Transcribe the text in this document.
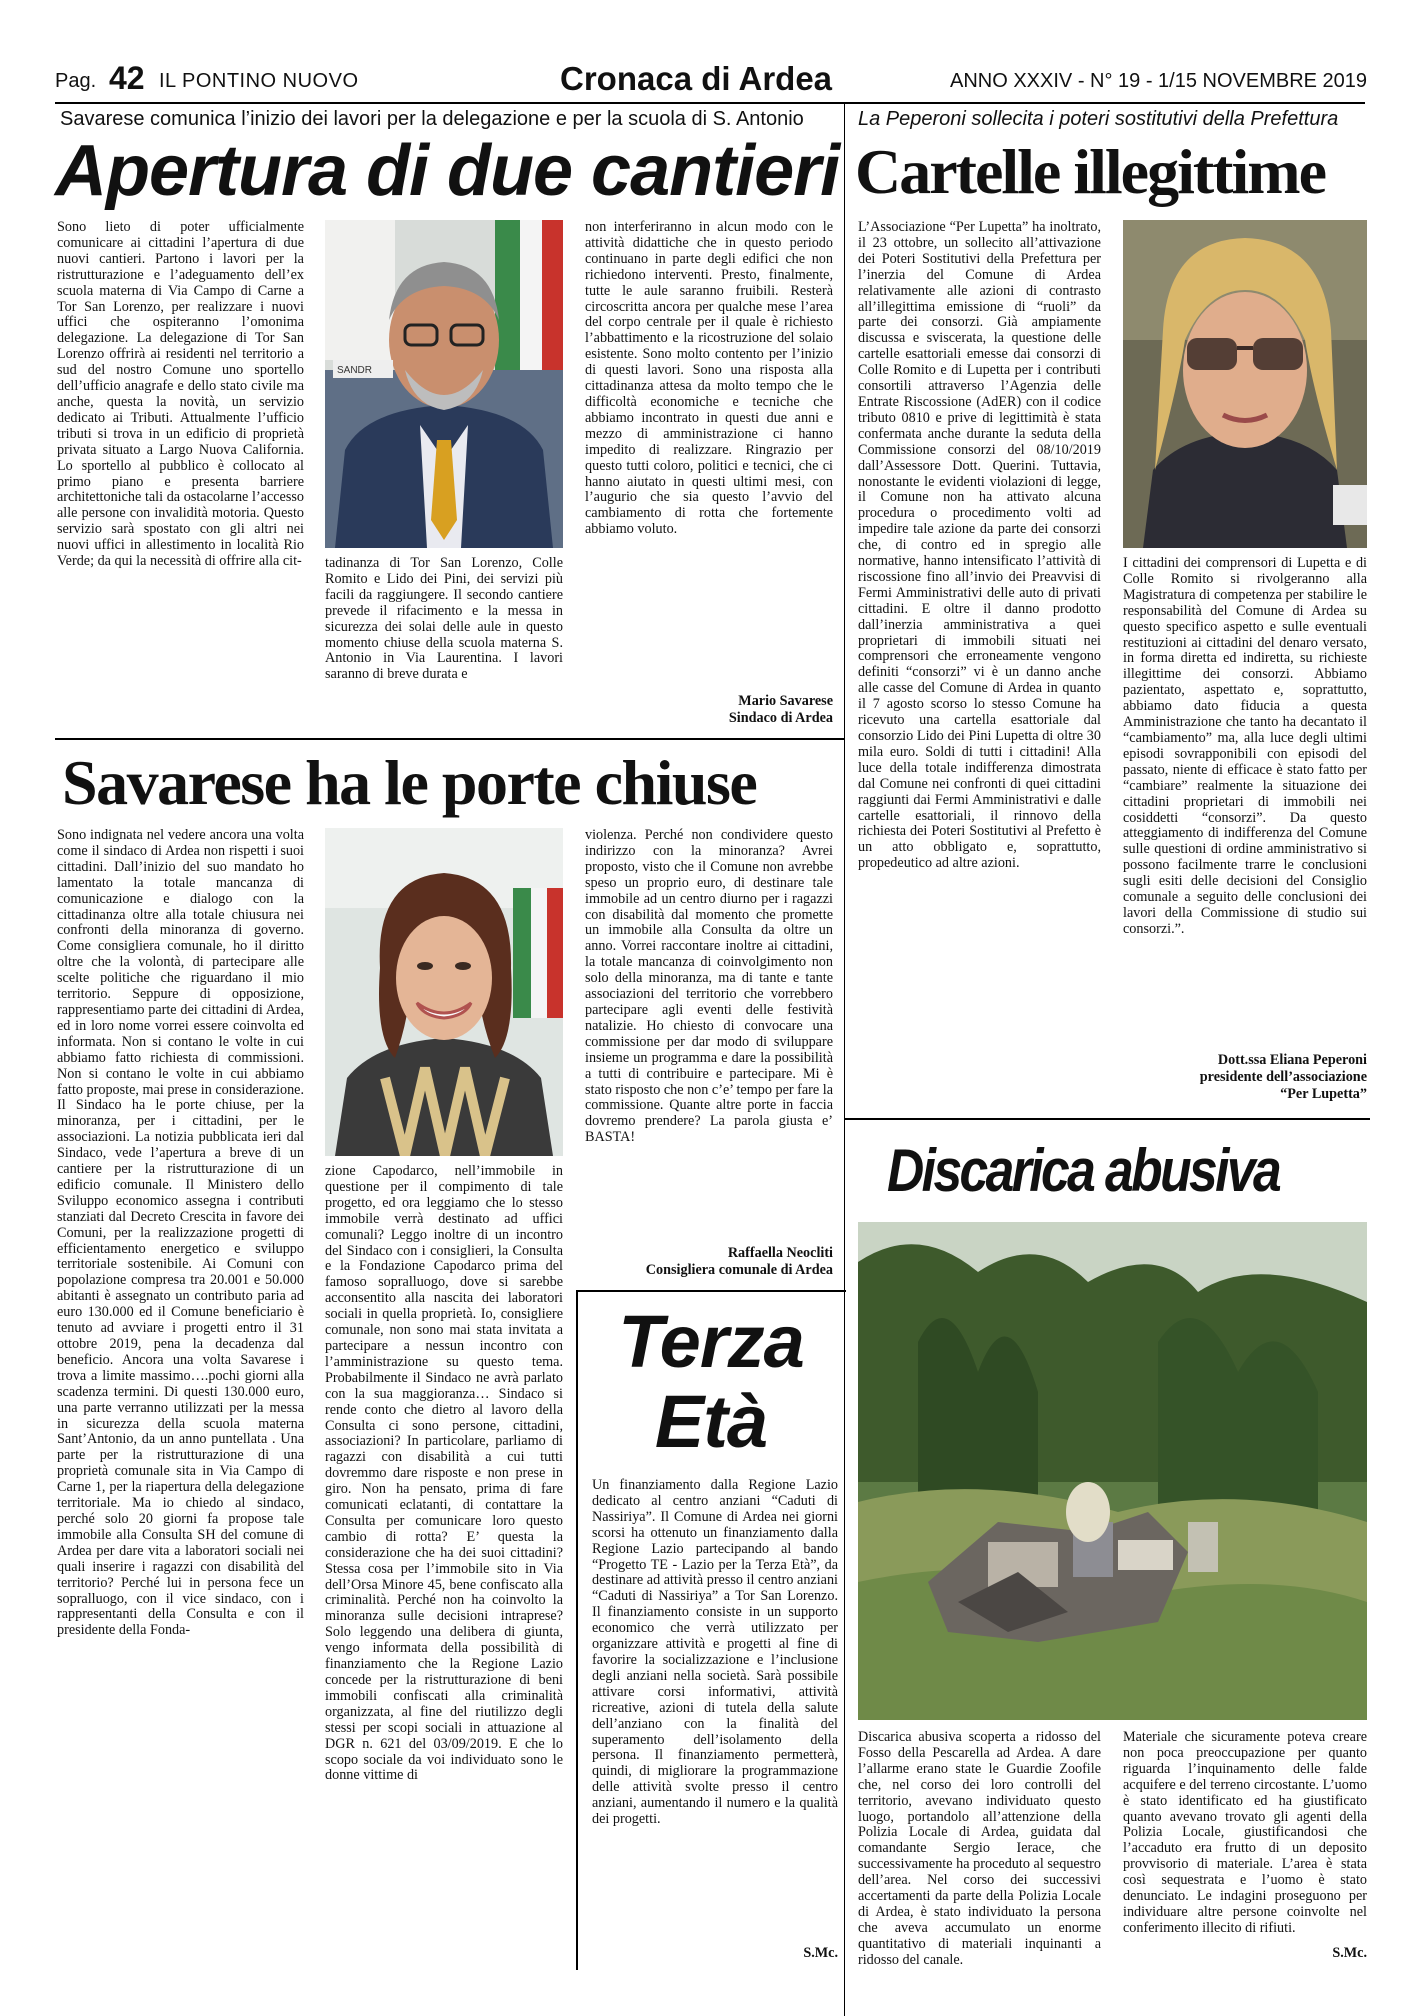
Pag. 42 IL PONTINO NUOVO	Cronaca di Ardea	ANNO XXXIV - N° 19 - 1/15 NOVEMBRE 2019
Savarese comunica l’inizio dei lavori per la delegazione e per la scuola di S. Antonio
Apertura di due cantieri
Sono lieto di poter ufficialmente comunicare ai cittadini l’apertura di due nuovi cantieri. Partono i lavori per la ristrutturazione e l’adeguamento dell’ex scuola materna di Via Campo di Carne a Tor San Lorenzo, per realizzare i nuovi uffici che ospiteranno l’omonima delegazione. La delegazione di Tor San Lorenzo offrirà ai residenti nel territorio a sud del nostro Comune uno sportello dell’ufficio anagrafe e dello stato civile ma anche, questa la novità, un servizio dedicato ai Tributi. Attualmente l’ufficio tributi si trova in un edificio di proprietà privata situato a Largo Nuova California. Lo sportello al pubblico è collocato al primo piano e presenta barriere architettoniche tali da ostacolarne l’accesso alle persone con invalidità motoria. Questo servizio sarà spostato con gli altri nei nuovi uffici in allestimento in località Rio Verde; da qui la necessità di offrire alla cit-
SANDR
tadinanza di Tor San Lorenzo, Colle Romito e Lido dei Pini, dei servizi più facili da raggiungere. Il secondo cantiere prevede il rifacimento e la messa in sicurezza dei solai delle aule in questo momento chiuse della scuola materna S. Antonio in Via Laurentina. I lavori saranno di breve durata e
non interferiranno in alcun modo con le attività didattiche che in questo periodo continuano in parte degli edifici che non richiedono interventi. Presto, finalmente, tutte le aule saranno fruibili. Resterà circoscritta ancora per qualche mese l’area del corpo centrale per il quale è richiesto l’abbattimento e la ricostruzione del solaio esistente. Sono molto contento per l’inizio di questi lavori. Sono una risposta alla cittadinanza attesa da molto tempo che le difficoltà economiche e tecniche che abbiamo incontrato in questi due anni e mezzo di amministrazione ci hanno impedito di realizzare. Ringrazio per questo tutti coloro, politici e tecnici, che ci hanno aiutato in questi ultimi mesi, con l’augurio che sia questo l’avvio del cambiamento di rotta che fortemente abbiamo voluto.
Mario Savarese
Sindaco di Ardea
La Peperoni sollecita i poteri sostitutivi della Prefettura
Cartelle illegittime
L’Associazione “Per Lupetta” ha inoltrato, il 23 ottobre, un sollecito all’attivazione dei Poteri Sostitutivi della Prefettura per l’inerzia del Comune di Ardea relativamente alle azioni di contrasto all’illegittima emissione di “ruoli” da parte dei consorzi. Già ampiamente discussa e sviscerata, la questione delle cartelle esattoriali emesse dai consorzi di Colle Romito e di Lupetta per i contributi consortili attraverso l’Agenzia delle Entrate Riscossione (AdER) con il codice tributo 0810 e prive di legittimità è stata confermata anche durante la seduta della Commissione consorzi del 08/10/2019 dall’Assessore Dott. Querini. Tuttavia, nonostante le evidenti violazioni di legge, il Comune non ha attivato alcuna procedura o procedimento volti ad impedire tale azione da parte dei consorzi che, di contro ed in spregio alle normative, hanno intensificato l’attività di riscossione fino all’invio dei Preavvisi di Fermi Amministrativi delle auto di privati cittadini. E oltre il danno prodotto dall’inerzia amministrativa a quei proprietari di immobili situati nei comprensori che erroneamente vengono definiti “consorzi” vi è un danno anche alle casse del Comune di Ardea in quanto il 7 agosto scorso lo stesso Comune ha ricevuto una cartella esattoriale dal consorzio Lido dei Pini Lupetta di oltre 30 mila euro. Soldi di tutti i cittadini! Alla luce della totale indifferenza dimostrata dal Comune nei confronti di quei cittadini raggiunti dai Fermi Amministrativi e dalle cartelle esattoriali, il rinnovo della richiesta dei Poteri Sostitutivi al Prefetto è un atto obbligato e, soprattutto, propedeutico ad altre azioni.
I cittadini dei comprensori di Lupetta e di Colle Romito si rivolgeranno alla Magistratura di competenza per stabilire le responsabilità del Comune di Ardea su questo specifico aspetto e sulle eventuali restituzioni ai cittadini del denaro versato, in forma diretta ed indiretta, su richieste illegittime dei consorzi. Abbiamo pazientato, aspettato e, soprattutto, abbiamo dato fiducia a questa Amministrazione che tanto ha decantato il “cambiamento” ma, alla luce degli ultimi episodi sovrapponibili con episodi del passato, niente di efficace è stato fatto per “cambiare” realmente la situazione dei cittadini proprietari di immobili nei cosiddetti “consorzi”. Da questo atteggiamento di indifferenza del Comune sulle questioni di ordine amministrativo si possono facilmente trarre le conclusioni sugli esiti delle decisioni del Consiglio comunale a seguito delle conclusioni dei lavori della Commissione di studio sui consorzi.”.
Dott.ssa Eliana Peperoni
presidente dell’associazione
“Per Lupetta”
Savarese ha le porte chiuse
Sono indignata nel vedere ancora una volta come il sindaco di Ardea non rispetti i suoi cittadini. Dall’inizio del suo mandato ho lamentato la totale mancanza di comunicazione e dialogo con la cittadinanza oltre alla totale chiusura nei confronti della minoranza di governo. Come consigliera comunale, ho il diritto oltre che la volontà, di partecipare alle scelte politiche che riguardano il mio territorio. Seppure di opposizione, rappresentiamo parte dei cittadini di Ardea, ed in loro nome vorrei essere coinvolta ed informata. Non si contano le volte in cui abbiamo fatto richiesta di commissioni. Non si contano le volte in cui abbiamo fatto proposte, mai prese in considerazione. Il Sindaco ha le porte chiuse, per la minoranza, per i cittadini, per le associazioni. La notizia pubblicata ieri dal Sindaco, vede l’apertura a breve di un cantiere per la ristrutturazione di un edificio comunale. Il Ministero dello Sviluppo economico assegna i contributi stanziati dal Decreto Crescita in favore dei Comuni, per la realizzazione progetti di efficientamento energetico e sviluppo territoriale sostenibile. Ai Comuni con popolazione compresa tra 20.001 e 50.000 abitanti è assegnato un contributo paria ad euro 130.000 ed il Comune beneficiario è tenuto ad avviare i progetti entro il 31 ottobre 2019, pena la decadenza dal beneficio. Ancora una volta Savarese i trova a limite massimo….pochi giorni alla scadenza termini. Di questi 130.000 euro, una parte verranno utilizzati per la messa in sicurezza della scuola materna Sant’Antonio, da un anno puntellata . Una parte per la ristrutturazione di una proprietà comunale sita in Via Campo di Carne 1, per la riapertura della delegazione territoriale. Ma io chiedo al sindaco, perché solo 20 giorni fa propose tale immobile alla Consulta SH del comune di Ardea per dare vita a laboratori sociali nei quali inserire i ragazzi con disabilità del territorio? Perché lui in persona fece un sopralluogo, con il vice sindaco, con i rappresentanti della Consulta e con il presidente della Fonda-
zione Capodarco, nell’immobile in questione per il compimento di tale progetto, ed ora leggiamo che lo stesso immobile verrà destinato ad uffici comunali? Leggo inoltre di un incontro del Sindaco con i consiglieri, la Consulta e la Fondazione Capodarco prima del famoso sopralluogo, dove si sarebbe acconsentito alla nascita dei laboratori sociali in quella proprietà. Io, consigliere comunale, non sono mai stata invitata a partecipare a nessun incontro con l’amministrazione su questo tema. Probabilmente il Sindaco ne avrà parlato con la sua maggioranza… Sindaco si rende conto che dietro al lavoro della Consulta ci sono persone, cittadini, associazioni? In particolare, parliamo di ragazzi con disabilità a cui tutti dovremmo dare risposte e non prese in giro. Non ha pensato, prima di fare comunicati eclatanti, di contattare la Consulta per comunicare loro questo cambio di rotta? E’ questa la considerazione che ha dei suoi cittadini? Stessa cosa per l’immobile sito in Via dell’Orsa Minore 45, bene confiscato alla criminalità. Perché non ha coinvolto la minoranza sulle decisioni intraprese? Solo leggendo una delibera di giunta, vengo informata della possibilità di finanziamento che la Regione Lazio concede per la ristrutturazione di beni immobili confiscati alla criminalità organizzata, al fine del riutilizzo degli stessi per scopi sociali in attuazione al DGR n. 621 del 03/09/2019. E che lo scopo sociale da voi individuato sono le donne vittime di
violenza. Perché non condividere questo indirizzo con la minoranza? Avrei proposto, visto che il Comune non avrebbe speso un proprio euro, di destinare tale immobile ad un centro diurno per i ragazzi con disabilità dal momento che promette un immobile alla Consulta da oltre un anno. Vorrei raccontare inoltre ai cittadini, la totale mancanza di coinvolgimento non solo della minoranza, ma di tante e tante associazioni del territorio che vorrebbero partecipare agli eventi delle festività natalizie. Ho chiesto di convocare una commissione per dar modo di sviluppare insieme un programma e dare la possibilità a tutti di contribuire e partecipare. Mi è stato risposto che non c’e’ tempo per fare la commissione. Quante altre porte in faccia dovremo prendere? La parola giusta e’ BASTA!
Raffaella Neocliti
Consigliera comunale di Ardea
Terza
Età
Un finanziamento dalla Regione Lazio dedicato al centro anziani “Caduti di Nassiriya”. Il Comune di Ardea nei giorni scorsi ha ottenuto un finanziamento dalla Regione Lazio partecipando al bando “Progetto TE - Lazio per la Terza Età”, da destinare ad attività presso il centro anziani “Caduti di Nassiriya” a Tor San Lorenzo. Il finanziamento consiste in un supporto economico che verrà utilizzato per organizzare attività e progetti al fine di favorire la socializzazione e l’inclusione degli anziani nella società. Sarà possibile attivare corsi informativi, attività ricreative, azioni di tutela della salute dell’anziano con la finalità del superamento dell’isolamento della persona. Il finanziamento permetterà, quindi, di migliorare la programmazione delle attività svolte presso il centro anziani, aumentando il numero e la qualità dei progetti.
S.Mc.
Discarica abusiva
Discarica abusiva scoperta a ridosso del Fosso della Pescarella ad Ardea. A dare l’allarme erano state le Guardie Zoofile che, nel corso dei loro controlli del territorio, avevano individuato questo luogo, portandolo all’attenzione della Polizia Locale di Ardea, guidata dal comandante Sergio Ierace, che successivamente ha proceduto al sequestro dell’area. Nel corso dei successivi accertamenti da parte della Polizia Locale di Ardea, è stato individuato la persona che aveva accumulato un enorme quantitativo di materiali inquinanti a ridosso del canale.
Materiale che sicuramente poteva creare non poca preoccupazione per quanto riguarda l’inquinamento delle falde acquifere e del terreno circostante. L’uomo è stato identificato ed ha giustificato quanto avevano trovato gli agenti della Polizia Locale, giustificandosi che l’accaduto era frutto di un deposito provvisorio di materiale. L’area è stata così sequestrata e l’uomo è stato denunciato. Le indagini proseguono per individuare altre persone coinvolte nel conferimento illecito di rifiuti.
S.Mc.
